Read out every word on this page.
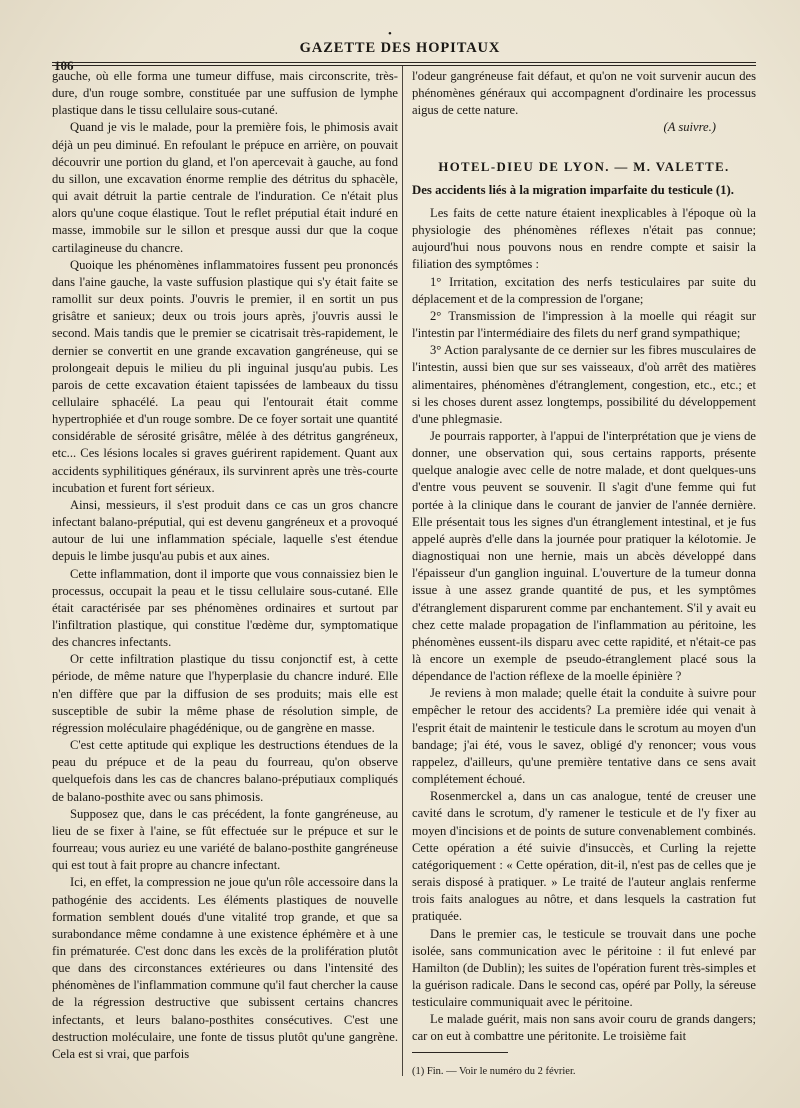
•
106
GAZETTE DES HOPITAUX

gauche, où elle forma une tumeur diffuse, mais circonscrite, très-dure, d'un rouge sombre, constituée par une suffusion de lymphe plastique dans le tissu cellulaire sous-cutané.

Quand je vis le malade, pour la première fois, le phimosis avait déjà un peu diminué. En refoulant le prépuce en arrière, on pouvait découvrir une portion du gland, et l'on apercevait à gauche, au fond du sillon, une excavation énorme remplie des détritus du sphacèle, qui avait détruit la partie centrale de l'induration. Ce n'était plus alors qu'une coque élastique. Tout le reflet préputial était induré en masse, immobile sur le sillon et presque aussi dur que la coque cartilagineuse du chancre.

Quoique les phénomènes inflammatoires fussent peu prononcés dans l'aine gauche, la vaste suffusion plastique qui s'y était faite se ramollit sur deux points. J'ouvris le premier, il en sortit un pus grisâtre et sanieux; deux ou trois jours après, j'ouvris aussi le second. Mais tandis que le premier se cicatrisait très-rapidement, le dernier se convertit en une grande excavation gangréneuse, qui se prolongeait depuis le milieu du pli inguinal jusqu'au pubis. Les parois de cette excavation étaient tapissées de lambeaux du tissu cellulaire sphacélé. La peau qui l'entourait était comme hypertrophiée et d'un rouge sombre. De ce foyer sortait une quantité considérable de sérosité grisâtre, mêlée à des détritus gangréneux, etc... Ces lésions locales si graves guérirent rapidement. Quant aux accidents syphilitiques généraux, ils survinrent après une très-courte incubation et furent fort sérieux.

Ainsi, messieurs, il s'est produit dans ce cas un gros chancre infectant balano-préputial, qui est devenu gangréneux et a provoqué autour de lui une inflammation spéciale, laquelle s'est étendue depuis le limbe jusqu'au pubis et aux aines.

Cette inflammation, dont il importe que vous connaissiez bien le processus, occupait la peau et le tissu cellulaire sous-cutané. Elle était caractérisée par ses phénomènes ordinaires et surtout par l'infiltration plastique, qui constitue l'œdème dur, symptomatique des chancres infectants.

Or cette infiltration plastique du tissu conjonctif est, à cette période, de même nature que l'hyperplasie du chancre induré. Elle n'en diffère que par la diffusion de ses produits; mais elle est susceptible de subir la même phase de résolution simple, de régression moléculaire phagédénique, ou de gangrène en masse.

C'est cette aptitude qui explique les destructions étendues de la peau du prépuce et de la peau du fourreau, qu'on observe quelquefois dans les cas de chancres balano-préputiaux compliqués de balano-posthite avec ou sans phimosis.

Supposez que, dans le cas précédent, la fonte gangréneuse, au lieu de se fixer à l'aine, se fût effectuée sur le prépuce et sur le fourreau; vous auriez eu une variété de balano-posthite gangréneuse qui est tout à fait propre au chancre infectant.

Ici, en effet, la compression ne joue qu'un rôle accessoire dans la pathogénie des accidents. Les éléments plastiques de nouvelle formation semblent doués d'une vitalité trop grande, et que sa surabondance même condamne à une existence éphémère et à une fin prématurée. C'est donc dans les excès de la prolifération plutôt que dans des circonstances extérieures ou dans l'intensité des phénomènes de l'inflammation commune qu'il faut chercher la cause de la régression destructive que subissent certains chancres infectants, et leurs balano-posthites consécutives. C'est une destruction moléculaire, une fonte de tissus plutôt qu'une gangrène. Cela est si vrai, que parfois

l'odeur gangréneuse fait défaut, et qu'on ne voit survenir aucun des phénomènes généraux qui accompagnent d'ordinaire les processus aigus de cette nature.

(A suivre.)

HOTEL-DIEU DE LYON. — M. VALETTE.
Des accidents liés à la migration imparfaite du testicule (1).

Les faits de cette nature étaient inexplicables à l'époque où la physiologie des phénomènes réflexes n'était pas connue; aujourd'hui nous pouvons nous en rendre compte et saisir la filiation des symptômes :

1° Irritation, excitation des nerfs testiculaires par suite du déplacement et de la compression de l'organe;

2° Transmission de l'impression à la moelle qui réagit sur l'intestin par l'intermédiaire des filets du nerf grand sympathique;

3° Action paralysante de ce dernier sur les fibres musculaires de l'intestin, aussi bien que sur ses vaisseaux, d'où arrêt des matières alimentaires, phénomènes d'étranglement, congestion, etc., etc.; et si les choses durent assez longtemps, possibilité du développement d'une phlegmasie.

Je pourrais rapporter, à l'appui de l'interprétation que je viens de donner, une observation qui, sous certains rapports, présente quelque analogie avec celle de notre malade, et dont quelques-uns d'entre vous peuvent se souvenir. Il s'agit d'une femme qui fut portée à la clinique dans le courant de janvier de l'année dernière. Elle présentait tous les signes d'un étranglement intestinal, et je fus appelé auprès d'elle dans la journée pour pratiquer la kélotomie. Je diagnostiquai non une hernie, mais un abcès développé dans l'épaisseur d'un ganglion inguinal. L'ouverture de la tumeur donna issue à une assez grande quantité de pus, et les symptômes d'étranglement disparurent comme par enchantement. S'il y avait eu chez cette malade propagation de l'inflammation au péritoine, les phénomènes eussent-ils disparu avec cette rapidité, et n'était-ce pas là encore un exemple de pseudo-étranglement placé sous la dépendance de l'action réflexe de la moelle épinière ?

Je reviens à mon malade; quelle était la conduite à suivre pour empêcher le retour des accidents? La première idée qui venait à l'esprit était de maintenir le testicule dans le scrotum au moyen d'un bandage; j'ai été, vous le savez, obligé d'y renoncer; vous vous rappelez, d'ailleurs, qu'une première tentative dans ce sens avait complétement échoué.

Rosenmerckel a, dans un cas analogue, tenté de creuser une cavité dans le scrotum, d'y ramener le testicule et de l'y fixer au moyen d'incisions et de points de suture convenablement combinés. Cette opération a été suivie d'insuccès, et Curling la rejette catégoriquement : « Cette opération, dit-il, n'est pas de celles que je serais disposé à pratiquer. » Le traité de l'auteur anglais renferme trois faits analogues au nôtre, et dans lesquels la castration fut pratiquée.

Dans le premier cas, le testicule se trouvait dans une poche isolée, sans communication avec le péritoine : il fut enlevé par Hamilton (de Dublin); les suites de l'opération furent très-simples et la guérison radicale. Dans le second cas, opéré par Polly, la séreuse testiculaire communiquait avec le péritoine.

Le malade guérit, mais non sans avoir couru de grands dangers; car on eut à combattre une péritonite. Le troisième fait

(1) Fin. — Voir le numéro du 2 février.
